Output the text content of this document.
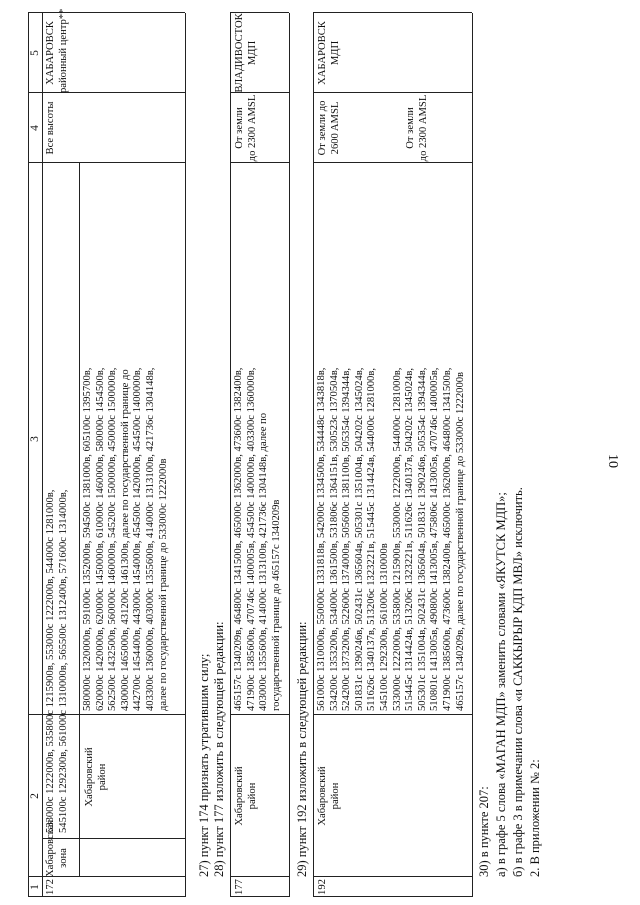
10
1
2
3
4
5
172
Хабаровская зона
533000с 1222000в, 535800с 1215900в, 553000с 1222000в, 544000с 1281000в, 545100с 1292300в, 561000с 1310000в, 565500с 1312400в, 571600с 1314000в, Хабаровский район
580000с 1320000в, 591000с 1352000в, 594500с 1381000в, 605100с 1395700в, 620000с 1420000в, 620000с 1450000в, 610000с 1460000в, 580000с 1454500в, 562500с 1432500в, 560000с 1460000в, 545200с 1500000в, 450000с 1500000в, 430000с 1465000в, 431200с 1461300в, далее по государственной границе до 442700с 1454400в, 443000с 1454000в, 454500с 1420000в, 454500с 1400000в, 403300с 1360000в, 403000с 1355600в, 414000с 1313100в, 421736с 1304148в, далее по государственной границе до 533000с 1222000в
Все высоты
ХАБАРОВСК районный центр**
27) пункт 174 признать утратившим силу; 28) пункт 177 изложить в следующей редакции:
177
Хабаровский район
465157с 1340209в, 464800с 1341500в, 465000с 1362000в, 473600с 1382400в, 471900с 1385600в, 470746с 1400005в, 454500с 1400000в, 403300с 1360000в, 403000с 1355600в, 414000с 1313100в, 421736с 1304148в, далее по государственной границе до 465157с 1340209в
От земли до 2300 AMSL
ВЛАДИВОСТОК МДП
29) пункт 192 изложить в следующей редакции:
192
Хабаровский район
561000с 1310000в, 550000с 1331818в, 542000с 1334500в, 534448с 1343818в, 534200с 1353200в, 534000с 1361500в, 531806с 1364151в, 530523с 1370504в, 524200с 1373200в, 522600с 1374000в, 505600с 1381100в, 505354с 1394344в, 501831с 1390246в, 502431с 1365604в, 505301с 1351004в, 504202с 1345024в, 511626с 1340137в, 513206с 1323221в, 515445с 1314424в, 544000с 1281000в, 545100с 1292300в, 561000с 1310000в 533000с 1222000в, 535800с 1215900в, 553000с 1222000в, 544000с 1281000в, 515445с 1314424в, 513206с 1323221в, 511626с 1340137в, 504202с 1345024в, 505301с 1351004в, 502431с 1365604в, 501831с 1390246в, 505354с 1394344в, 510801с 1413005в, 490800с 1413005в, 475806с 1413005в, 470746с 1400005в, 471900с 1385600в, 473600с 1382400в, 465000с 1362000в, 464800с 1341500в, 465157с 1340209в, далее по государственной границе до 533000с 1222000в
От земли до 2600 AMSL	От земли до 2300 AMSL
ХАБАРОВСК МДП
30) в пункте 207: а) в графе 5 слова «МАГАН МДП» заменить словами «ЯКУТСК МДП»; б) в графе 3 в примечании слова «и САККЫРЫР КДП МВЛ» исключить. 2. В приложении № 2:
